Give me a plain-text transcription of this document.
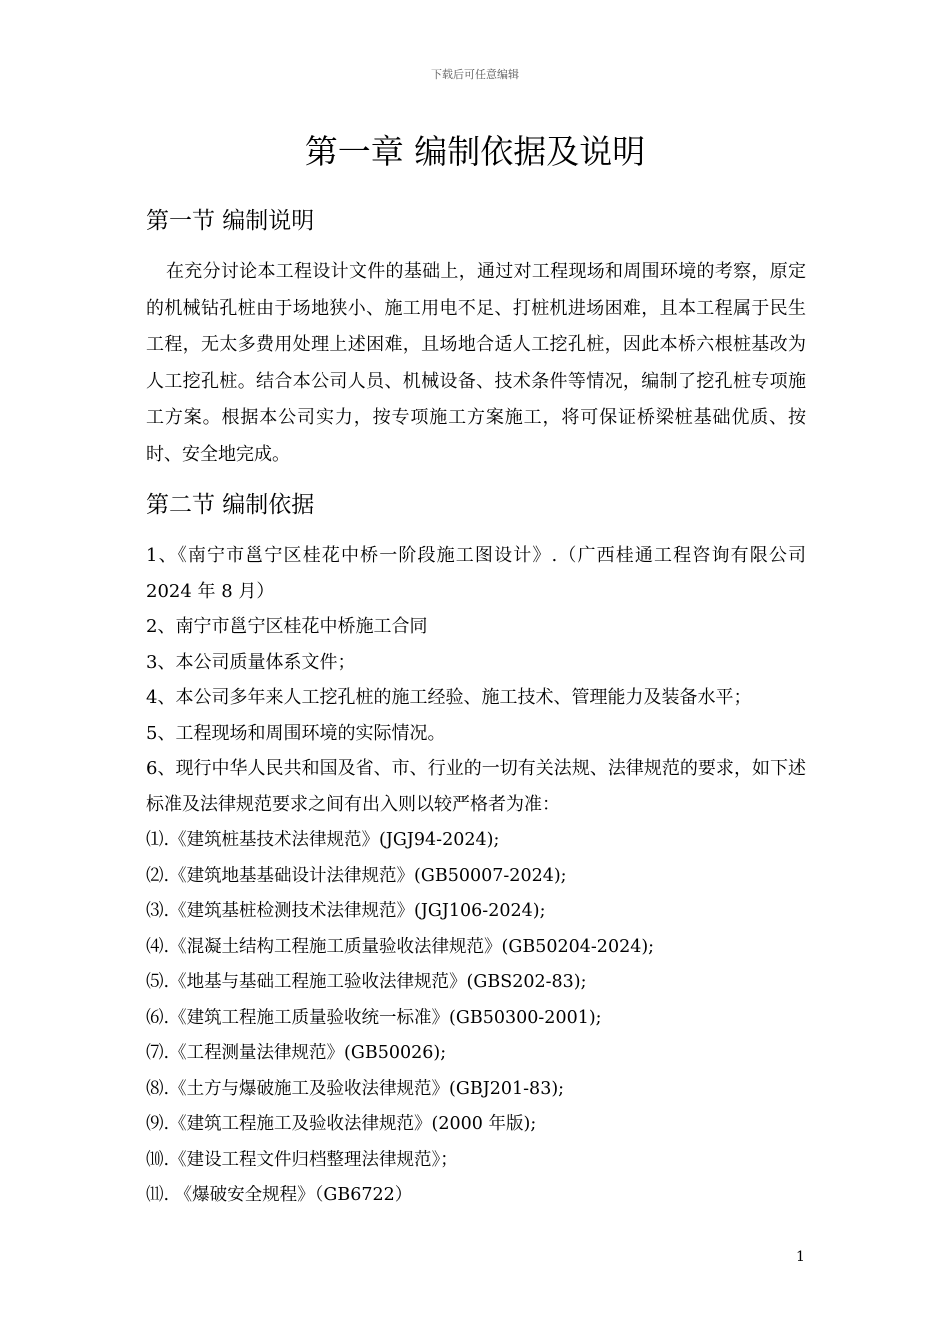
下载后可任意编辑
第一章 编制依据及说明
第一节 编制说明

在充分讨论本工程设计文件的基础上，通过对工程现场和周围环境的考察，原定的机械钻孔桩由于场地狭小、施工用电不足、打桩机进场困难，且本工程属于民生工程，无太多费用处理上述困难，且场地合适人工挖孔桩，因此本桥六根桩基改为人工挖孔桩。结合本公司人员、机械设备、技术条件等情况，编制了挖孔桩专项施工方案。根据本公司实力，按专项施工方案施工，将可保证桥梁桩基础优质、按时、安全地完成。

第二节 编制依据
1、《南宁市邕宁区桂花中桥一阶段施工图设计》.（广西桂通工程咨询有限公司 2024 年 8 月）
2、南宁市邕宁区桂花中桥施工合同
3、本公司质量体系文件；
4、本公司多年来人工挖孔桩的施工经验、施工技术、管理能力及装备水平；
5、工程现场和周围环境的实际情况。
6、现行中华人民共和国及省、市、行业的一切有关法规、法律规范的要求，如下述标准及法律规范要求之间有出入则以较严格者为准：
⑴.《建筑桩基技术法律规范》(JGJ94-2024);
⑵.《建筑地基基础设计法律规范》(GB50007-2024);
⑶.《建筑基桩检测技术法律规范》(JGJ106-2024);
⑷.《混凝土结构工程施工质量验收法律规范》(GB50204-2024);
⑸.《地基与基础工程施工验收法律规范》(GBS202-83);
⑹.《建筑工程施工质量验收统一标准》(GB50300-2001);
⑺.《工程测量法律规范》(GB50026);
⑻.《土方与爆破施工及验收法律规范》(GBJ201-83);
⑼.《建筑工程施工及验收法律规范》(2000 年版);
⑽.《建设工程文件归档整理法律规范》；
⑾. 《爆破安全规程》（GB6722）
1
